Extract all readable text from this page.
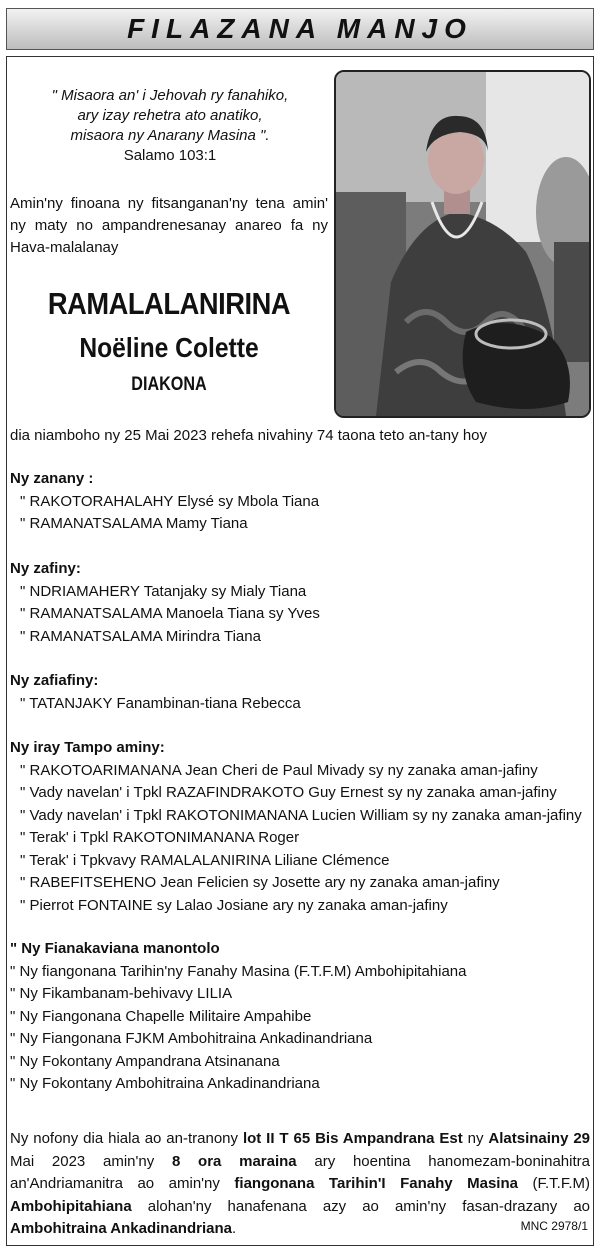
FILAZANA MANJO
" Misaora an' i Jehovah ry fanahiko,
ary izay rehetra ato anatiko,
misaora ny Anarany Masina ".
Salamo 103:1
Amin'ny finoana ny fitsanganan'ny tena amin' ny maty no ampandrenesanay anareo fa ny Hava-malalanay
RAMALALANIRINA
Noëline Colette
DIAKONA
dia niamboho ny 25 Mai 2023 rehefa nivahiny 74 taona teto an-tany hoy
Ny zanany :
" RAKOTORAHALAHY Elysé sy Mbola Tiana
" RAMANATSALAMA Mamy Tiana
Ny zafiny:
" NDRIAMAHERY Tatanjaky sy Mialy Tiana
" RAMANATSALAMA Manoela Tiana sy Yves
" RAMANATSALAMA Mirindra Tiana
Ny zafiafiny:
" TATANJAKY Fanambinan-tiana Rebecca
Ny iray Tampo aminy:
" RAKOTOARIMANANA Jean Cheri de Paul Mivady sy ny zanaka aman-jafiny
" Vady navelan' i Tpkl RAZAFINDRAKOTO Guy Ernest sy ny zanaka aman-jafiny
" Vady navelan' i Tpkl RAKOTONIMANANA Lucien William sy ny zanaka aman-jafiny
" Terak' i Tpkl RAKOTONIMANANA Roger
" Terak' i Tpkvavy RAMALALANIRINA Liliane Clémence
" RABEFITSEHENO Jean Felicien sy Josette ary ny zanaka aman-jafiny
" Pierrot FONTAINE sy Lalao Josiane ary ny zanaka aman-jafiny
" Ny Fianakaviana manontolo
" Ny fiangonana Tarihin'ny Fanahy Masina (F.T.F.M) Ambohipitahiana
" Ny Fikambanam-behivavy LILIA
" Ny Fiangonana Chapelle Militaire Ampahibe
" Ny Fiangonana FJKM Ambohitraina Ankadinandriana
" Ny Fokontany Ampandrana Atsinanana
" Ny Fokontany Ambohitraina Ankadinandriana
Ny nofony dia hiala ao an-tranony lot II T 65 Bis Ampandrana Est ny Alatsinainy 29 Mai 2023 amin'ny 8 ora maraina ary hoentina hanomezam-boninahitra an'Andriamanitra ao amin'ny fiangonana Tarihin'I Fanahy Masina (F.T.F.M) Ambohipitahiana alohan'ny hanafenana azy ao amin'ny fasan-drazany ao Ambohitraina Ankadinandriana.	MNC 2978/1
